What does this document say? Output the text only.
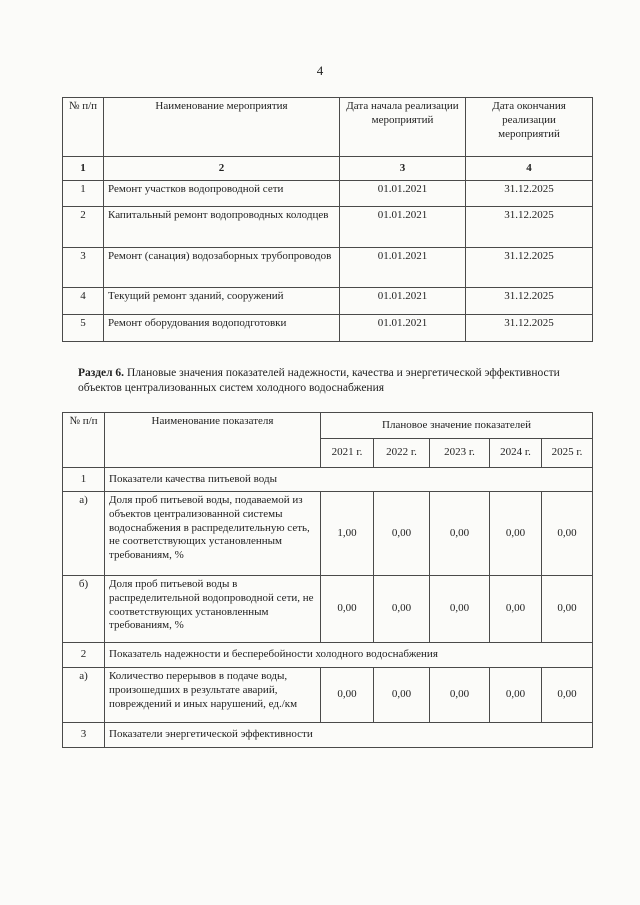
4
№ п/п	Наименование мероприятия	Дата начала реализации мероприятий	Дата окончания реализации мероприятий
1	2	3	4
1	Ремонт участков водопроводной сети	01.01.2021	31.12.2025
2	Капитальный ремонт водопроводных колодцев	01.01.2021	31.12.2025
3	Ремонт (санация) водозаборных трубопроводов	01.01.2021	31.12.2025
4	Текущий ремонт зданий, сооружений	01.01.2021	31.12.2025
5	Ремонт оборудования водоподготовки	01.01.2021	31.12.2025
Раздел 6. Плановые значения показателей надежности, качества и энергетической эффективности объектов централизованных систем холодного водоснабжения
№ п/п	Наименование показателя	Плановое значение показателей				
		2021 г.	2022 г.	2023 г.	2024 г.	2025 г.
1	Показатели качества питьевой воды					
а)	Доля проб питьевой воды, подаваемой из объектов централизованной системы водоснабжения в распределительную сеть, не соответствующих установленным требованиям, %	1,00	0,00	0,00	0,00	0,00
б)	Доля проб питьевой воды в распределительной водопроводной сети, не соответствующих установленным требованиям, %	0,00	0,00	0,00	0,00	0,00
2	Показатель надежности и бесперебойности холодного водоснабжения					
а)	Количество перерывов в подаче воды, произошедших в результате аварий, повреждений и иных нарушений, ед./км	0,00	0,00	0,00	0,00	0,00
3	Показатели энергетической эффективности					
